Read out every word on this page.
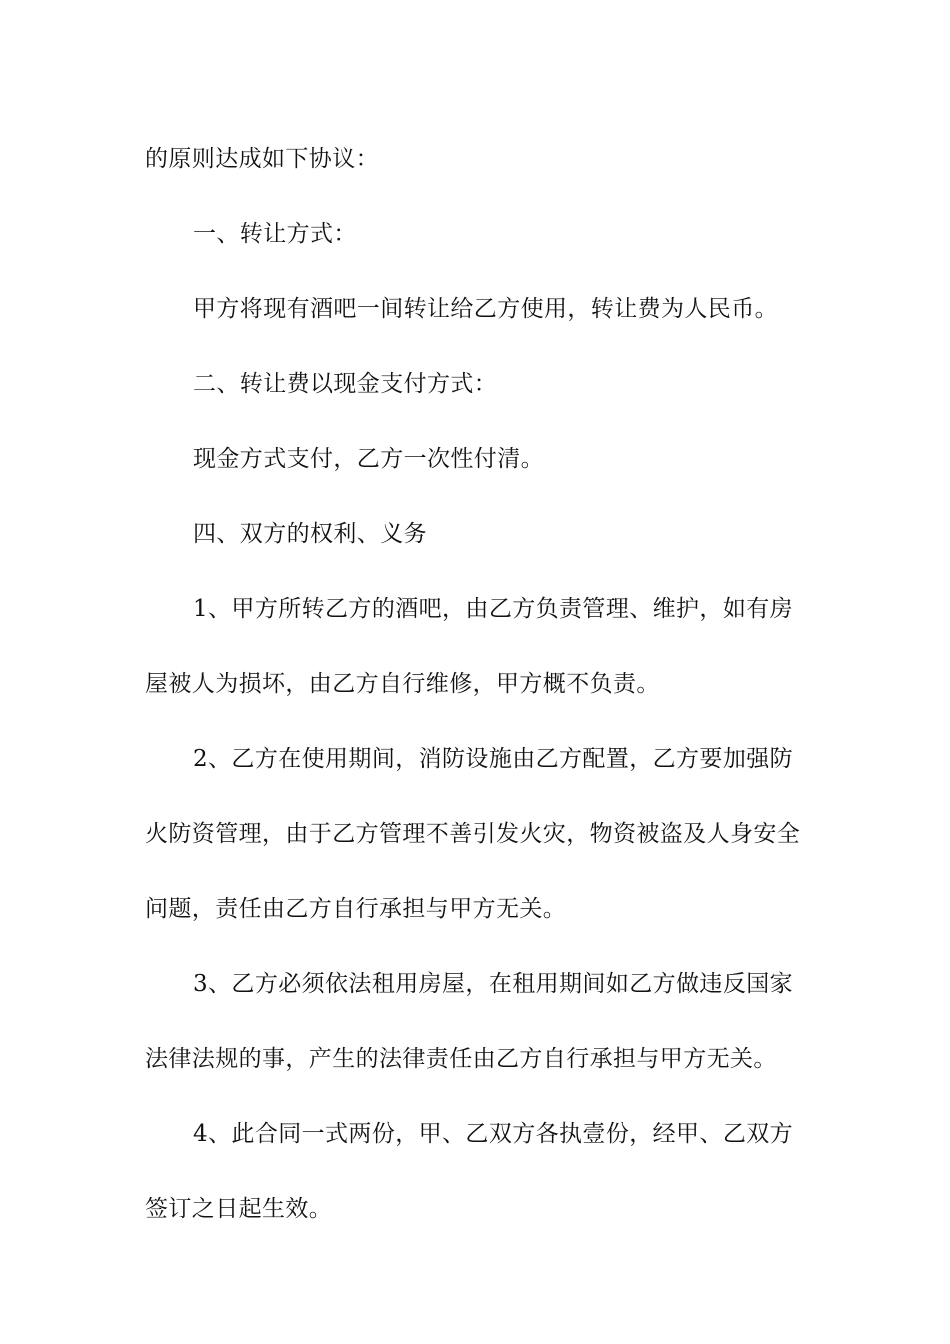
的原则达成如下协议：

一、转让方式：

甲方将现有酒吧一间转让给乙方使用，转让费为人民币。

二、转让费以现金支付方式：

现金方式支付，乙方一次性付清。

四、双方的权利、义务

1、甲方所转乙方的酒吧，由乙方负责管理、维护，如有房屋被人为损坏，由乙方自行维修，甲方概不负责。

2、乙方在使用期间，消防设施由乙方配置，乙方要加强防火防资管理，由于乙方管理不善引发火灾，物资被盗及人身安全问题，责任由乙方自行承担与甲方无关。

3、乙方必须依法租用房屋，在租用期间如乙方做违反国家法律法规的事，产生的法律责任由乙方自行承担与甲方无关。

4、此合同一式两份，甲、乙双方各执壹份，经甲、乙双方签订之日起生效。
